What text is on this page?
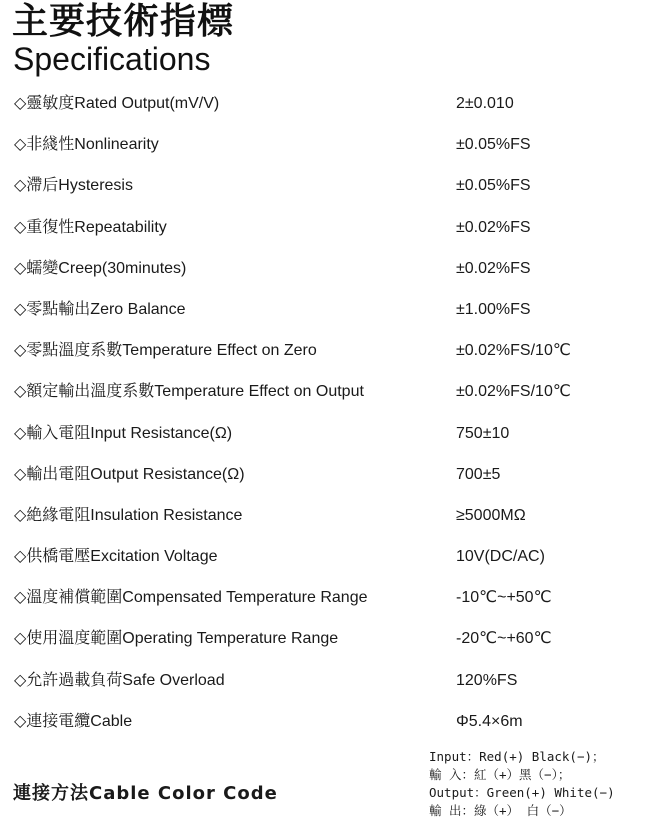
主要技術指標
Specifications
◇靈敏度Rated Output(mV/V)	2±0.010
◇非綫性Nonlinearity	±0.05%FS
◇滯后Hysteresis	±0.05%FS
◇重復性Repeatability	±0.02%FS
◇蠕變Creep(30minutes)	±0.02%FS
◇零點輸出Zero Balance	±1.00%FS
◇零點溫度系數Temperature Effect on Zero	±0.02%FS/10℃
◇額定輸出溫度系數Temperature Effect on Output	±0.02%FS/10℃
◇輸入電阻Input Resistance(Ω)	750±10
◇輸出電阻Output Resistance(Ω)	700±5
◇絶緣電阻Insulation Resistance	≥5000MΩ
◇供橋電壓Excitation Voltage	10V(DC/AC)
◇溫度補償範圍Compensated Temperature Range	-10℃~+50℃
◇使用溫度範圍Operating Temperature Range	-20℃~+60℃
◇允許過載負荷Safe Overload	120%FS
◇連接電纜Cable	Φ5.4×6m
連接方法Cable Color Code
Input：Red(+) Black(−)；
輸 入：紅（+）黑（−）；
Output：Green(+) White(−)
輸 出：綠（+） 白（−）
